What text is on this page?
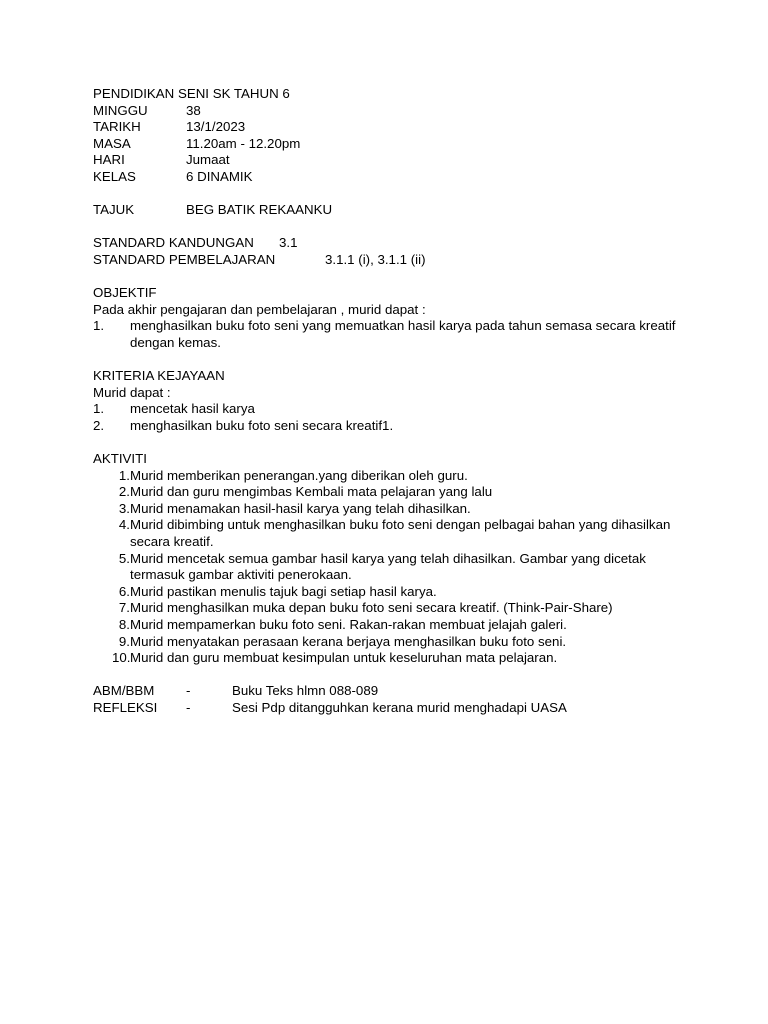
PENDIDIKAN SENI SK TAHUN 6
MINGGU	38
TARIKH	13/1/2023
MASA	11.20am - 12.20pm
HARI	Jumaat
KELAS	6 DINAMIK
TAJUK	BEG BATIK REKAANKU
STANDARD KANDUNGAN	3.1
STANDARD PEMBELAJARAN	3.1.1 (i), 3.1.1 (ii)
OBJEKTIF
Pada akhir pengajaran dan pembelajaran , murid dapat :
1.	menghasilkan buku foto seni yang memuatkan hasil karya pada tahun semasa secara kreatif dengan kemas.
KRITERIA KEJAYAAN
Murid dapat :
1.	mencetak hasil karya
2.	menghasilkan buku foto seni secara kreatif1.
AKTIVITI
1. Murid memberikan penerangan.yang diberikan oleh guru.
2. Murid dan guru mengimbas Kembali mata pelajaran yang lalu
3. Murid menamakan hasil-hasil karya yang telah dihasilkan.
4. Murid dibimbing untuk menghasilkan buku foto seni dengan pelbagai bahan yang dihasilkan secara kreatif.
5. Murid mencetak semua gambar hasil karya yang telah dihasilkan. Gambar yang dicetak termasuk gambar aktiviti penerokaan.
6. Murid pastikan menulis tajuk bagi setiap hasil karya.
7. Murid menghasilkan muka depan buku foto seni secara kreatif. (Think-Pair-Share)
8. Murid mempamerkan buku foto seni. Rakan-rakan membuat jelajah galeri.
9. Murid menyatakan perasaan kerana berjaya menghasilkan buku foto seni.
10. Murid dan guru membuat kesimpulan untuk keseluruhan mata pelajaran.
ABM/BBM	-	Buku Teks hlmn 088-089
REFLEKSI	-	Sesi Pdp ditangguhkan kerana murid menghadapi UASA
